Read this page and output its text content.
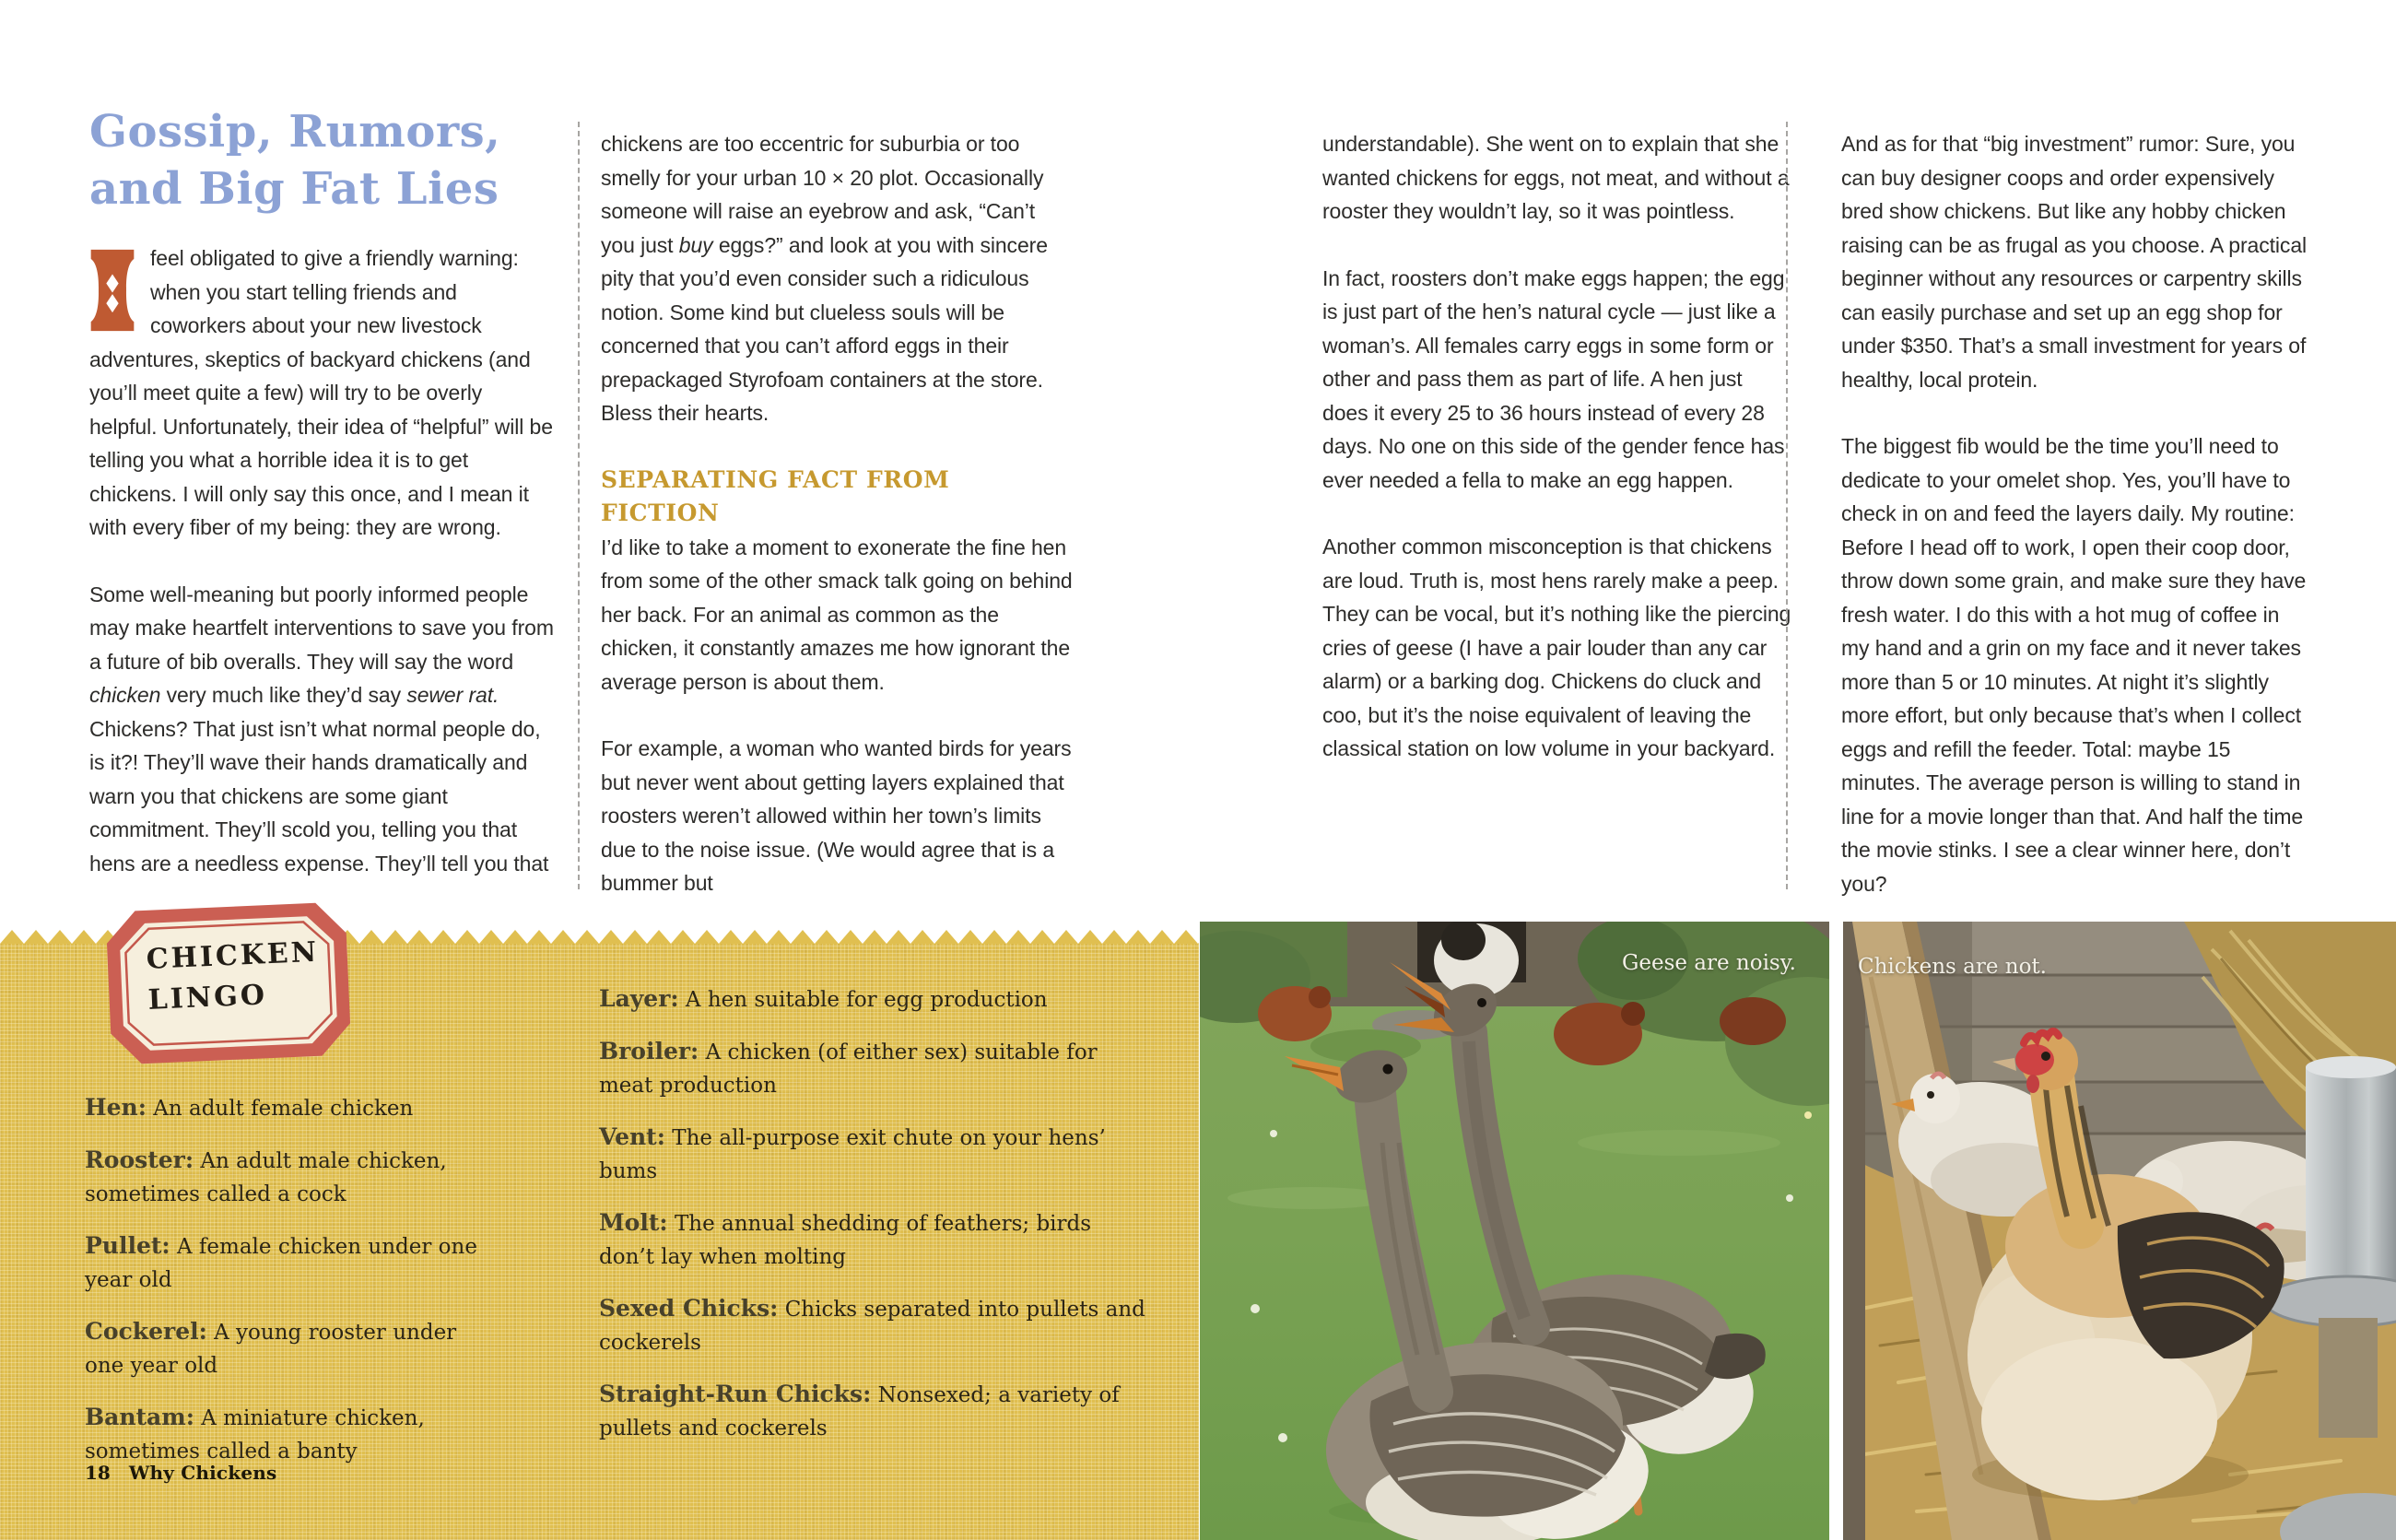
Gossip, Rumors,
and Big Fat Lies

feel obligated to give a friendly warning: when you start telling friends and coworkers about your new livestock adventures, skeptics of backyard chickens (and you’ll meet quite a few) will try to be overly helpful. Unfortunately, their idea of “helpful” will be telling you what a horrible idea it is to get chickens. I will only say this once, and I mean it with every fiber of my being: they are wrong.

Some well-meaning but poorly informed people may make heartfelt interventions to save you from a future of bib overalls. They will say the word chicken very much like they’d say sewer rat. Chickens? That just isn’t what normal people do, is it?! They’ll wave their hands dramatically and warn you that chickens are some giant commitment. They’ll scold you, telling you that hens are a needless expense. They’ll tell you that

chickens are too eccentric for suburbia or too smelly for your urban 10 × 20 plot. Occasionally someone will raise an eyebrow and ask, “Can’t you just buy eggs?” and look at you with sincere pity that you’d even consider such a ridiculous notion. Some kind but clueless souls will be concerned that you can’t afford eggs in their prepackaged Styrofoam containers at the store. Bless their hearts.

SEPARATING FACT FROM FICTION

I’d like to take a moment to exonerate the fine hen from some of the other smack talk going on behind her back. For an animal as common as the chicken, it constantly amazes me how ignorant the average person is about them.

For example, a woman who wanted birds for years but never went about getting layers explained that roosters weren’t allowed within her town’s limits due to the noise issue. (We would agree that is a bummer but

understandable). She went on to explain that she wanted chickens for eggs, not meat, and without a rooster they wouldn’t lay, so it was pointless.

In fact, roosters don’t make eggs happen; the egg is just part of the hen’s natural cycle — just like a woman’s. All females carry eggs in some form or other and pass them as part of life. A hen just does it every 25 to 36 hours instead of every 28 days. No one on this side of the gender fence has ever needed a fella to make an egg happen.

Another common misconception is that chickens are loud. Truth is, most hens rarely make a peep. They can be vocal, but it’s nothing like the piercing cries of geese (I have a pair louder than any car alarm) or a barking dog. Chickens do cluck and coo, but it’s the noise equivalent of leaving the classical station on low volume in your backyard.

And as for that “big investment” rumor: Sure, you can buy designer coops and order expensively bred show chickens. But like any hobby chicken raising can be as frugal as you choose. A practical beginner without any resources or carpentry skills can easily purchase and set up an egg shop for under $350. That’s a small investment for years of healthy, local protein.

The biggest fib would be the time you’ll need to dedicate to your omelet shop. Yes, you’ll have to check in on and feed the layers daily. My routine: Before I head off to work, I open their coop door, throw down some grain, and make sure they have fresh water. I do this with a hot mug of coffee in my hand and a grin on my face and it never takes more than 5 or 10 minutes. At night it’s slightly more effort, but only because that’s when I collect eggs and refill the feeder. Total: maybe 15 minutes. The average person is willing to stand in line for a movie longer than that. And half the time the movie stinks. I see a clear winner here, don’t you?

CHICKEN
LINGO

Hen: An adult female chicken

Rooster: An adult male chicken, sometimes called a cock

Pullet: A female chicken under one year old

Cockerel: A young rooster under one year old

Bantam: A miniature chicken, sometimes called a banty

Layer: A hen suitable for egg production

Broiler: A chicken (of either sex) suitable for meat production

Vent: The all-purpose exit chute on your hens’ bums

Molt: The annual shedding of feathers; birds don’t lay when molting

Sexed Chicks: Chicks separated into pullets and cockerels

Straight-Run Chicks: Nonsexed; a variety of pullets and cockerels

18 Why Chickens
Geese are noisy.	Chickens are not.
